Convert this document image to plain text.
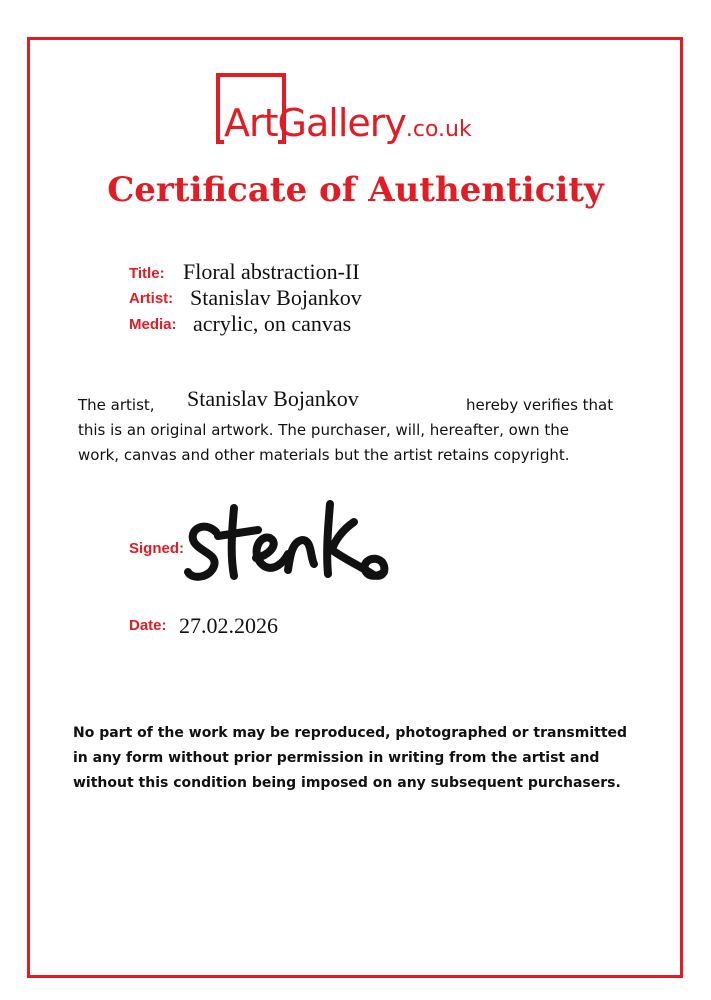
ArtGallery.co.uk
Certificate of Authenticity
Title: Floral abstraction-II
Artist: Stanislav Bojankov
Media: acrylic, on canvas
The artist, Stanislav Bojankov	hereby verifies that
this is an original artwork. The purchaser, will, hereafter, own the
work, canvas and other materials but the artist retains copyright.
Signed:
Date: 27.02.2026
No part of the work may be reproduced, photographed or transmitted
in any form without prior permission in writing from the artist and
without this condition being imposed on any subsequent purchasers.
